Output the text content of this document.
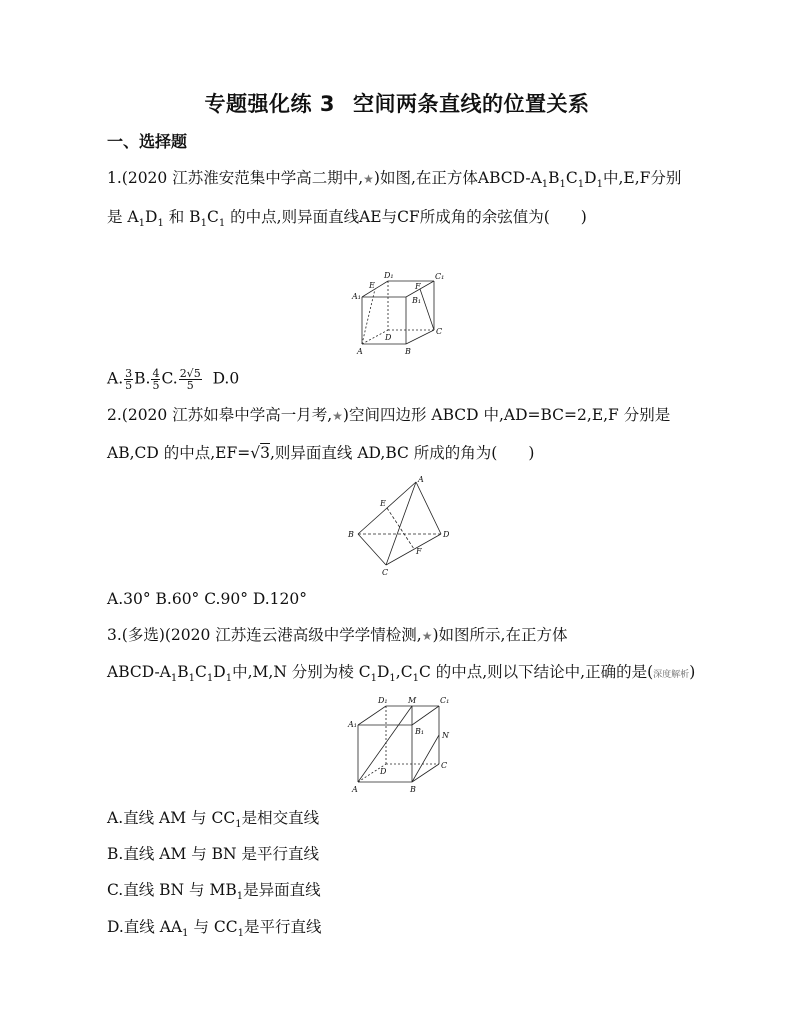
专题强化练 3 空间两条直线的位置关系
一、选择题
1.(2020 江苏淮安范集中学高二期中,★)如图,在正方体ABCD-$A_1B_1C_1D_1$中,E,F分别
是 $A_1D_1$ 和 $B_1C_1$ 的中点,则异面直线AE与CF所成角的余弦值为(　　)
A₁
D₁	C₁
E	F
B₁
A	B
C
D
A. $\frac{3}{5} B$. $\frac{4}{5} C$. $\frac{2√5}{5} D.0$
2.(2020 江苏如皋中学高一月考,★)空间四边形 ABCD 中,AD=BC=2,E,F 分别是
AB,CD 的中点,EF=√3,则异面直线 AD,BC 所成的角为(　　)
A
B
C
D
E
F
A.30° B.60° C.90° D.120°
3.(多选)(2020 江苏连云港高级中学学情检测,★)如图所示,在正方体
ABCD-$A_1B_1C_1D_1$中,M,N 分别为棱 $C_1D_1,C_1C$ 的中点,则以下结论中,正确的是(深度解析)
A₁
D₁	M	C₁
B₁ N
A	B
C
D
A.直线 AM 与 $CC_1$是相交直线
B.直线 AM 与 BN 是平行直线
C.直线 BN 与 $MB_1$是异面直线
D.直线 $AA_1$ 与 $CC_1$是平行直线
